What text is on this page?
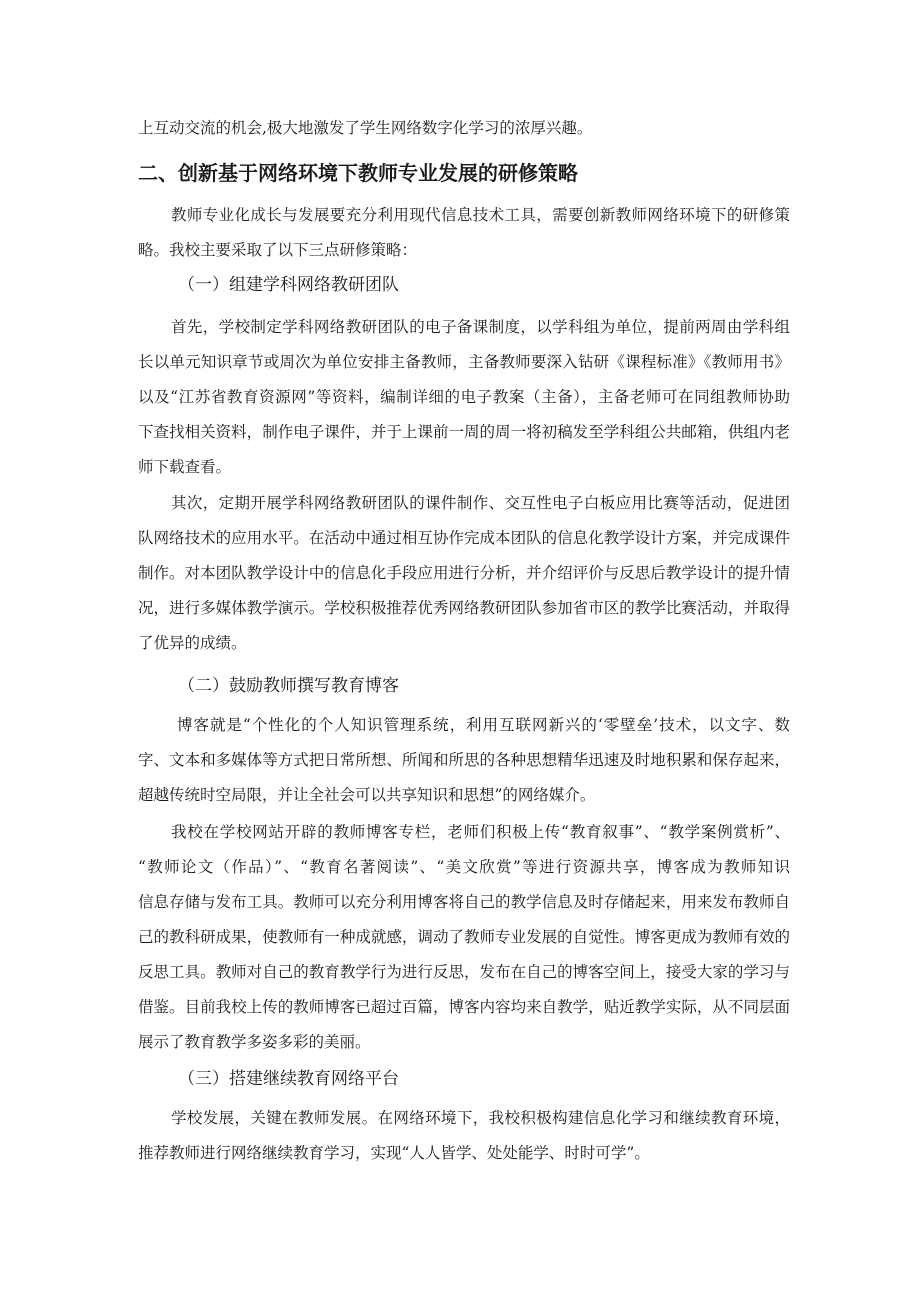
上互动交流的机会,极大地激发了学生网络数字化学习的浓厚兴趣。
二、创新基于网络环境下教师专业发展的研修策略
教师专业化成长与发展要充分利用现代信息技术工具，需要创新教师网络环境下的研修策
略。我校主要采取了以下三点研修策略：
（一）组建学科网络教研团队
首先，学校制定学科网络教研团队的电子备课制度，以学科组为单位，提前两周由学科组
长以单元知识章节或周次为单位安排主备教师，主备教师要深入钻研《课程标准》《教师用书》
以及“江苏省教育资源网”等资料，编制详细的电子教案（主备），主备老师可在同组教师协助
下查找相关资料，制作电子课件，并于上课前一周的周一将初稿发至学科组公共邮箱，供组内老
师下载查看。
其次，定期开展学科网络教研团队的课件制作、交互性电子白板应用比赛等活动，促进团
队网络技术的应用水平。在活动中通过相互协作完成本团队的信息化教学设计方案，并完成课件
制作。对本团队教学设计中的信息化手段应用进行分析，并介绍评价与反思后教学设计的提升情
况，进行多媒体教学演示。学校积极推荐优秀网络教研团队参加省市区的教学比赛活动，并取得
了优异的成绩。
（二）鼓励教师撰写教育博客
博客就是“个性化的个人知识管理系统，利用互联网新兴的‘零壁垒’技术，以文字、数
字、文本和多媒体等方式把日常所想、所闻和所思的各种思想精华迅速及时地积累和保存起来，
超越传统时空局限，并让全社会可以共享知识和思想”的网络媒介。
我校在学校网站开辟的教师博客专栏，老师们积极上传“教育叙事”、“教学案例赏析”、
“教师论文（作品）”、“教育名著阅读”、“美文欣赏”等进行资源共享，博客成为教师知识
信息存储与发布工具。教师可以充分利用博客将自己的教学信息及时存储起来，用来发布教师自
己的教科研成果，使教师有一种成就感，调动了教师专业发展的自觉性。博客更成为教师有效的
反思工具。教师对自己的教育教学行为进行反思，发布在自己的博客空间上，接受大家的学习与
借鉴。目前我校上传的教师博客已超过百篇，博客内容均来自教学，贴近教学实际，从不同层面
展示了教育教学多姿多彩的美丽。
（三）搭建继续教育网络平台
学校发展，关键在教师发展。在网络环境下，我校积极构建信息化学习和继续教育环境，
推荐教师进行网络继续教育学习，实现“人人皆学、处处能学、时时可学”。
